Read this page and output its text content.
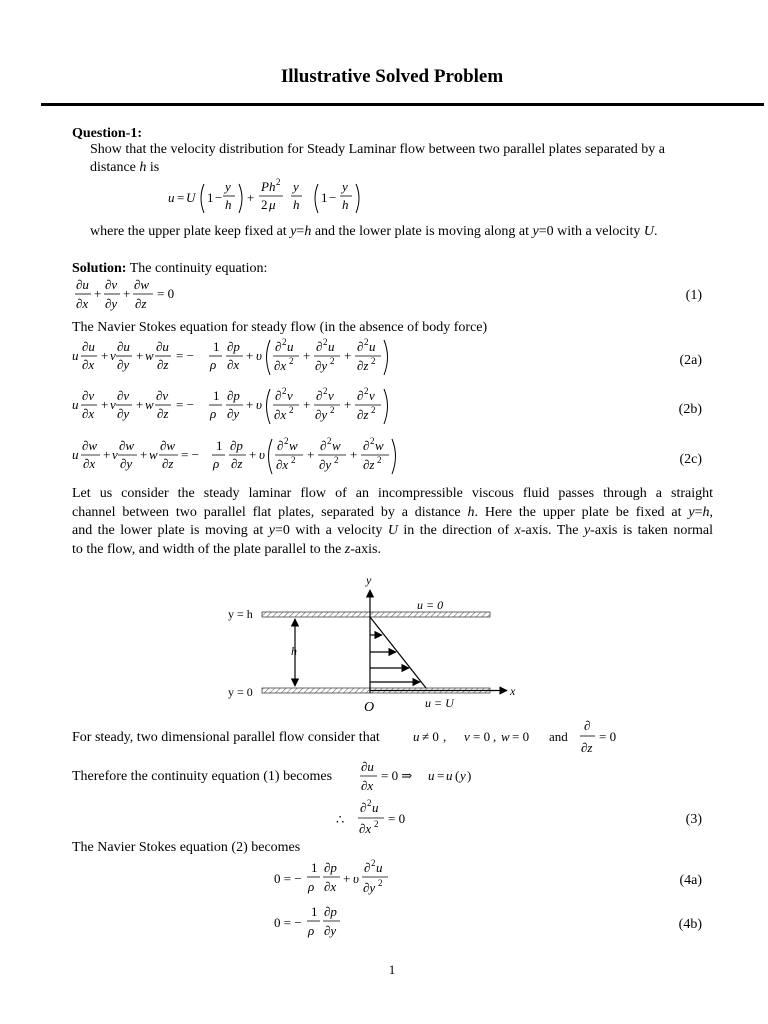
Illustrative Solved Problem
Question-1:
Show that the velocity distribution for Steady Laminar flow between two parallel plates separated by a
distance h is
u = U 1 −
y
h +
Ph 2
2 μ
y
h 1 −
y
h
where the upper plate keep fixed at y=h and the lower plate is moving along at y=0 with a velocity U.
Solution: The continuity equation:
∂u
∂x
+
∂v
∂y
+
∂w
∂z
= 0	(1)
The Navier Stokes equation for steady flow (in the absence of body force)
u
∂u
∂x
+ v
∂u
∂y
+ w
∂u
∂z
= −
1
ρ
∂p
∂x
+ υ
∂ 2 u
∂x 2 +
∂ 2 u
∂y 2 +
∂ 2 u
∂z 2
u
∂v
∂x
+ v
∂v
∂y
+ w
∂v
∂z
= −
1
ρ
∂p
∂y
+ υ
∂ 2 v
∂x 2 +
∂ 2 v
∂y 2 +
∂ 2 v
∂z 2
u
∂w
∂x
+ v
∂w
∂y
+ w
∂w
∂z
= −
1
ρ
∂p
∂z
+ υ
∂ 2 w
∂x 2 +
∂ 2 w
∂y 2 +
∂ 2 w
∂z 2
(2a)
(2b)
(2c)
Let us consider the steady laminar flow of an incompressible viscous fluid passes through a straight
channel between two parallel flat plates, separated by a distance h. Here the upper plate be fixed at y=h,
and the lower plate is moving at y=0 with a velocity U in the direction of x-axis. The y-axis is taken normal
to the flow, and width of the plate parallel to the z-axis.
y = h
y = 0
h
y
x
O
u = 0
u = U
For steady, two dimensional parallel flow consider that	u ≠ 0 , v = 0 , w = 0 and
∂
∂z
= 0
Therefore the continuity equation (1) becomes
∂u
∂x
= 0 ⇒ u = u ( y )
∴
∂ 2 u
∂x 2 = 0	(3)
The Navier Stokes equation (2) becomes
0 = −
1
ρ
∂p
∂x
+ υ
∂ 2 u
∂y 2	(4a)
0 = −
1
ρ
∂p
∂y	(4b)
1
